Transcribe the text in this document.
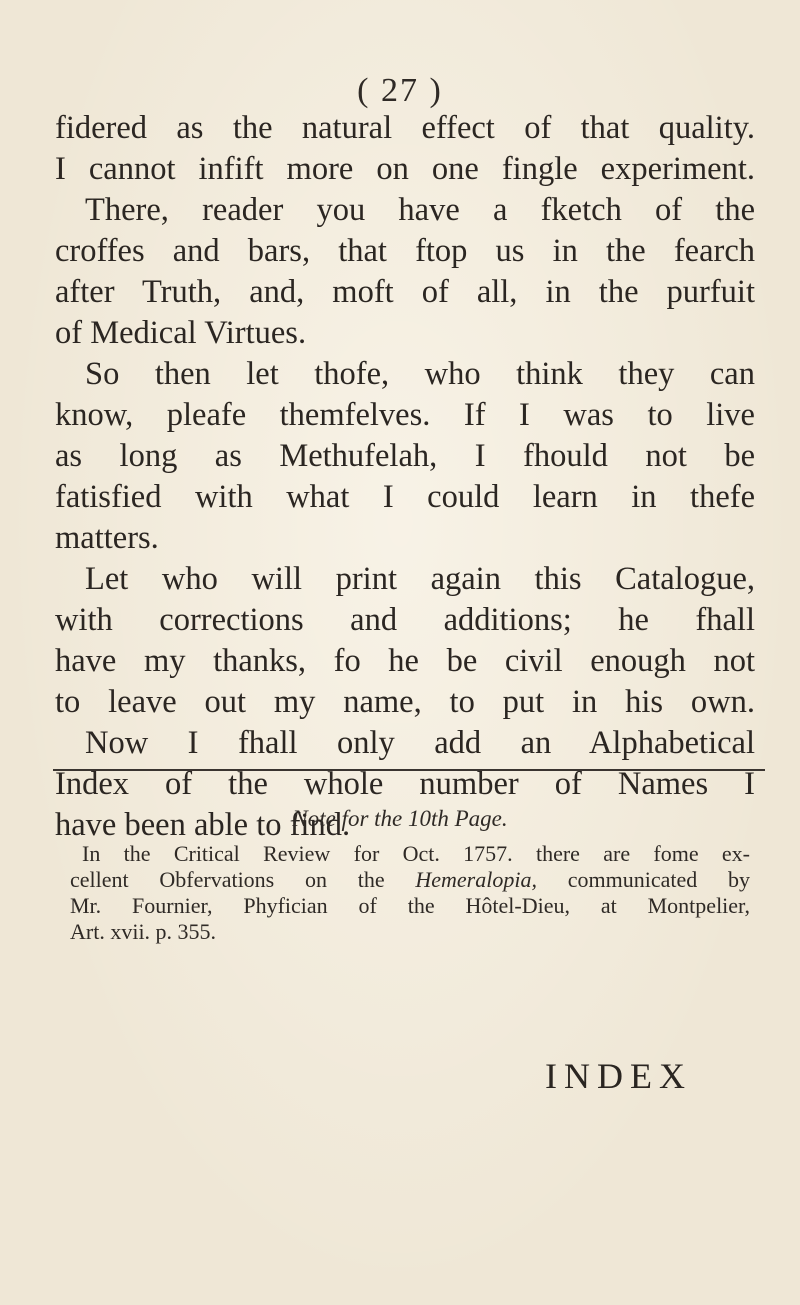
( 27 )
fidered as the natural effect of that quality.
I cannot infift more on one fingle experiment.
There, reader you have a fketch of the
croffes and bars, that ftop us in the fearch
after Truth, and, moft of all, in the purfuit
of Medical Virtues.
So then let thofe, who think they can
know, pleafe themfelves. If I was to live
as long as Methufelah, I fhould not be
fatisfied with what I could learn in thefe
matters.
Let who will print again this Catalogue,
with corrections and additions; he fhall
have my thanks, fo he be civil enough not
to leave out my name, to put in his own.
Now I fhall only add an Alphabetical
Index of the whole number of Names I
have been able to find.
Note for the 10th Page.
In the Critical Review for Oct. 1757. there are fome ex-
cellent Obfervations on the Hemeralopia, communicated by
Mr. Fournier, Phyfician of the Hôtel-Dieu, at Montpelier,
Art. xvii. p. 355.
INDEX
